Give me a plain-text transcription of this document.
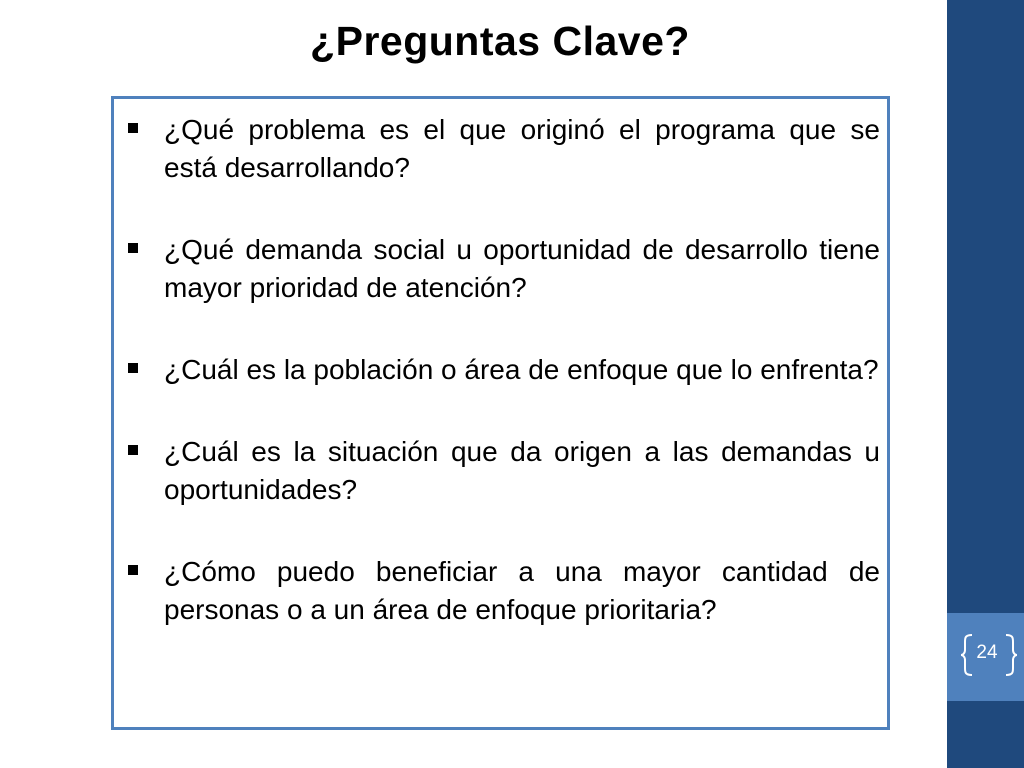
¿Preguntas Clave?
¿Qué problema es el que originó el programa que se está desarrollando?
¿Qué demanda social u oportunidad de desarrollo tiene mayor prioridad de atención?
¿Cuál es la población o área de enfoque que lo enfrenta?
¿Cuál es la situación que da origen a las demandas u oportunidades?
¿Cómo puedo beneficiar a una mayor cantidad de personas o a un área de enfoque prioritaria?
24
